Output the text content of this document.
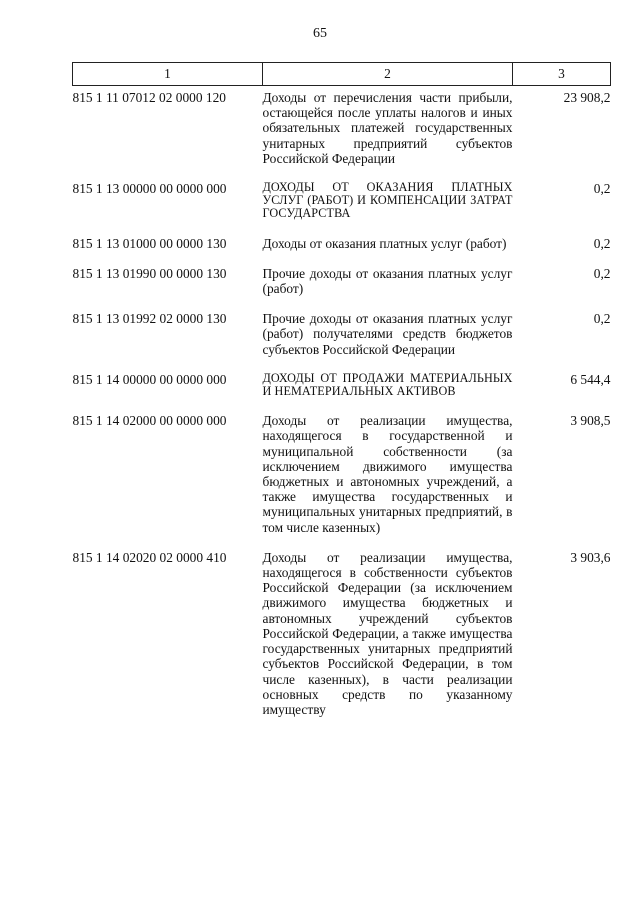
65
1	2	3
815 1 11 07012 02 0000 120	Доходы от перечисления части прибыли, остающейся после уплаты налогов и иных обязательных платежей государственных унитарных предприятий субъектов Российской Федерации	23 908,2
815 1 13 00000 00 0000 000	ДОХОДЫ ОТ ОКАЗАНИЯ ПЛАТНЫХ УСЛУГ (РАБОТ) И КОМПЕНСАЦИИ ЗАТРАТ ГОСУДАРСТВА	0,2
815 1 13 01000 00 0000 130	Доходы от оказания платных услуг (работ)	0,2
815 1 13 01990 00 0000 130	Прочие доходы от оказания платных услуг (работ)	0,2
815 1 13 01992 02 0000 130	Прочие доходы от оказания платных услуг (работ) получателями средств бюджетов субъектов Российской Федерации	0,2
815 1 14 00000 00 0000 000	ДОХОДЫ ОТ ПРОДАЖИ МАТЕРИАЛЬНЫХ И НЕМАТЕРИАЛЬНЫХ АКТИВОВ	6 544,4
815 1 14 02000 00 0000 000	Доходы от реализации имущества, находящегося в государственной и муниципальной собственности (за исключением движимого имущества бюджетных и автономных учреждений, а также имущества государственных и муниципальных унитарных предприятий, в том числе казенных)	3 908,5
815 1 14 02020 02 0000 410	Доходы от реализации имущества, находящегося в собственности субъектов Российской Федерации (за исключением движимого имущества бюджетных и автономных учреждений субъектов Российской Федерации, а также имущества государственных унитарных предприятий субъектов Российской Федерации, в том числе казенных), в части реализации основных средств по указанному имуществу	3 903,6
